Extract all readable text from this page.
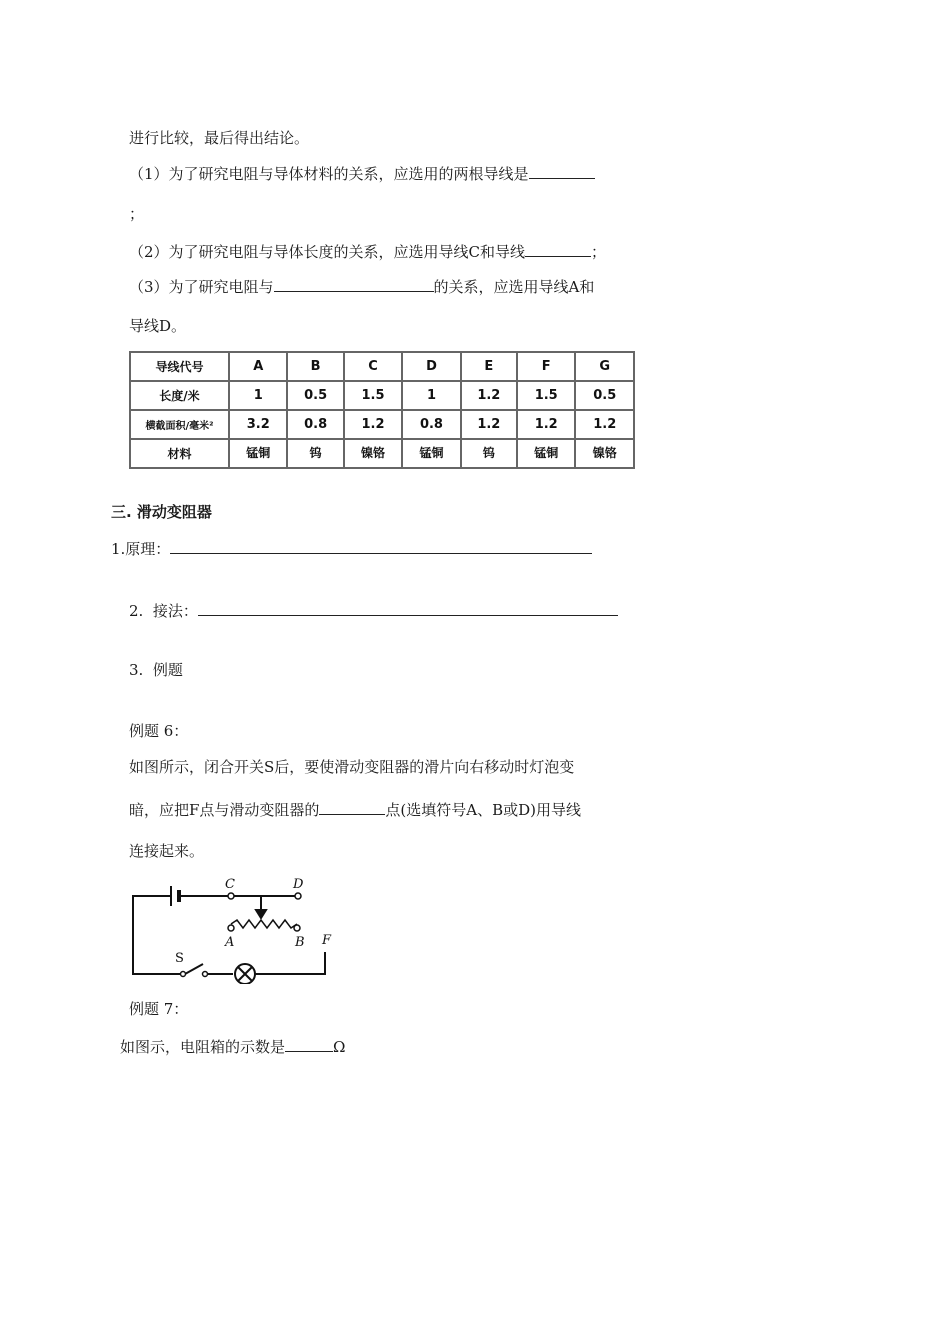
进行比较，最后得出结论。
（1）为了研究电阻与导体材料的关系，应选用的两根导线是
；
（2）为了研究电阻与导体长度的关系，应选用导线C和导线	；
（3）为了研究电阻与	的关系，应选用导线A和
导线D。
导线代号	A	B	C	D	E	F	G
长度/米	1	0.5	1.5	1	1.2	1.5	0.5
横截面积/毫米²	3.2	0.8	1.2	0.8	1.2	1.2	1.2
材料	锰铜	钨	镍铬	锰铜	钨	锰铜	镍铬
三. 滑动变阻器
1.原理：
2.  接法：
3.  例题
例题 6：
如图所示，闭合开关S后，要使滑动变阻器的滑片向右移动时灯泡变
暗，应把F点与滑动变阻器的	点(选填符号A、B或D)用导线
连接起来。
C	D
A	B F
S
例题 7：
如图示，电阻箱的示数是	Ω
